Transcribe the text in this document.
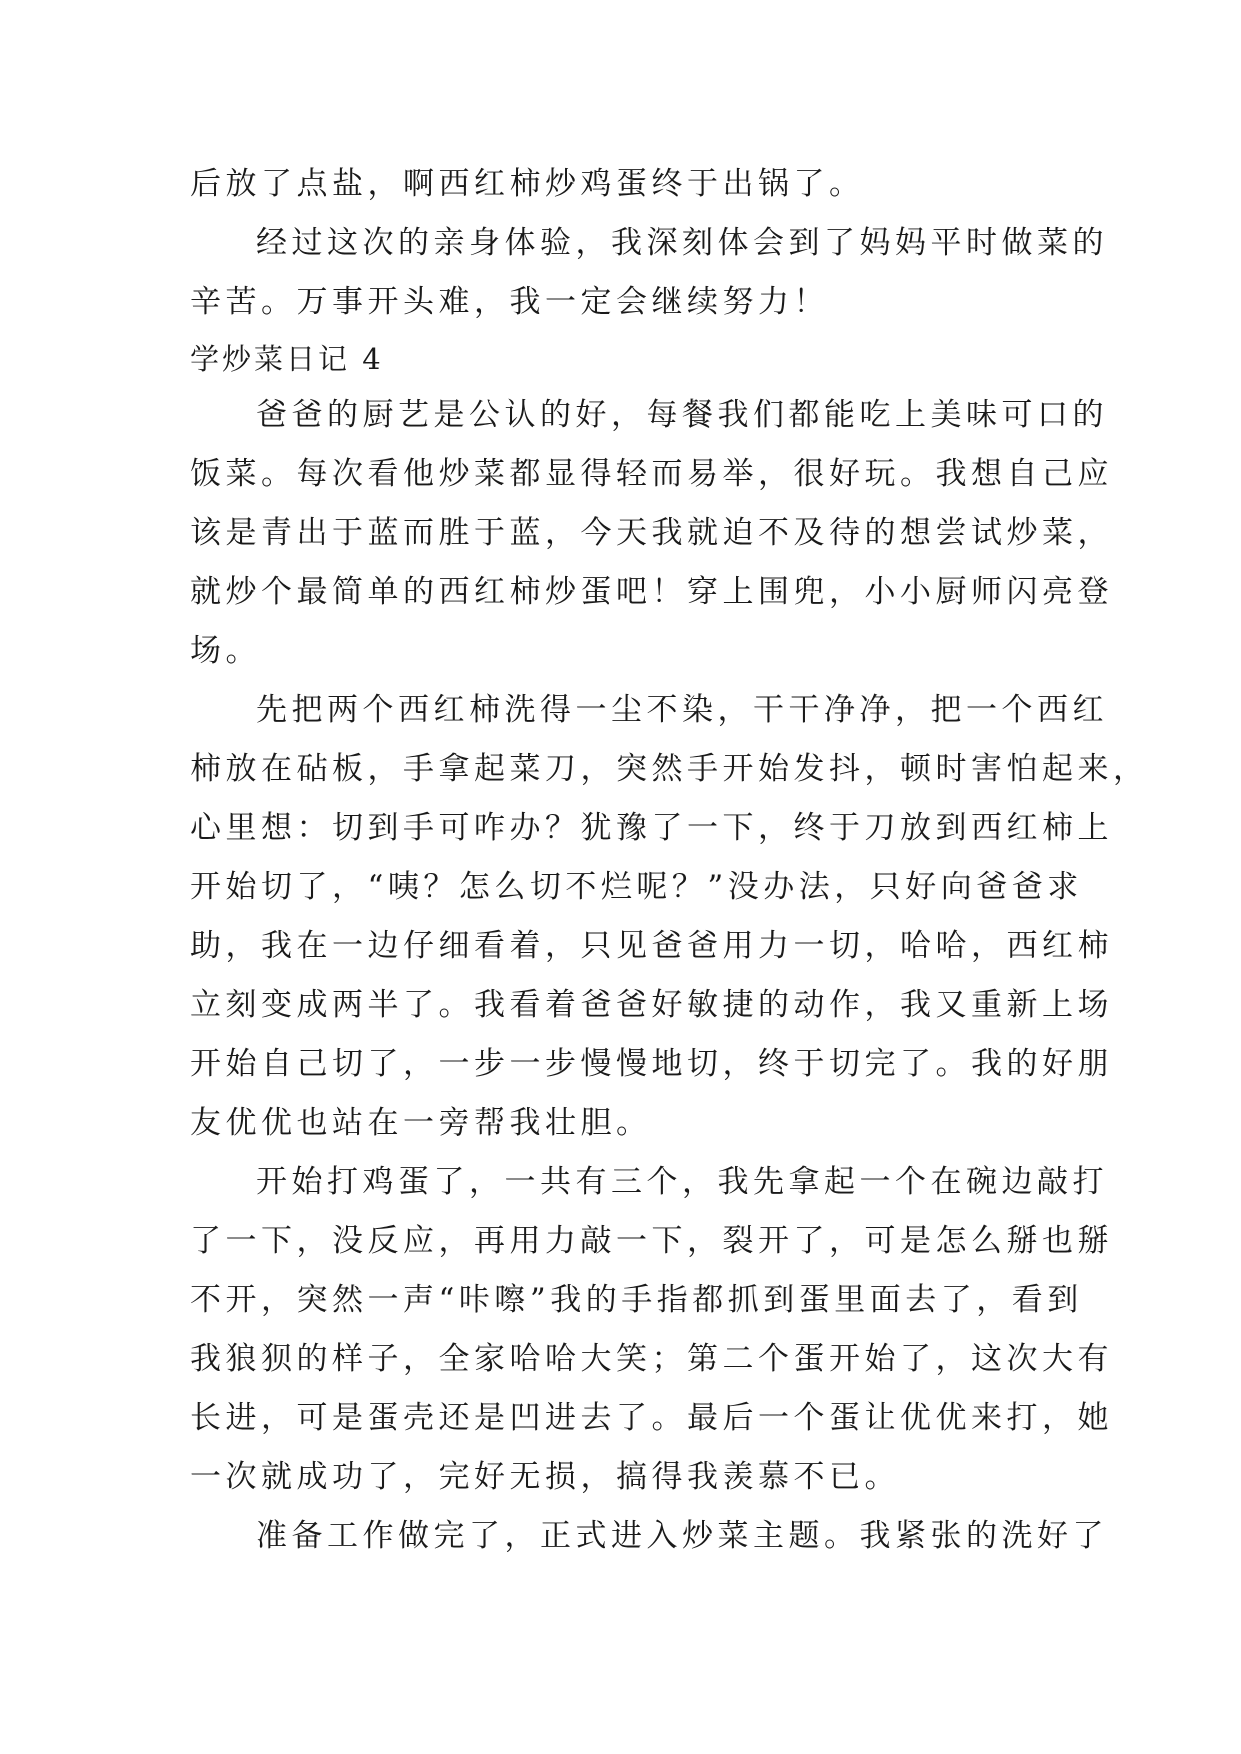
后放了点盐，啊西红柿炒鸡蛋终于出锅了。
经过这次的亲身体验，我深刻体会到了妈妈平时做菜的
辛苦。万事开头难，我一定会继续努力！
学炒菜日记 4
爸爸的厨艺是公认的好，每餐我们都能吃上美味可口的
饭菜。每次看他炒菜都显得轻而易举，很好玩。我想自己应
该是青出于蓝而胜于蓝，今天我就迫不及待的想尝试炒菜，
就炒个最简单的西红柿炒蛋吧！穿上围兜，小小厨师闪亮登
场。
先把两个西红柿洗得一尘不染，干干净净，把一个西红
柿放在砧板，手拿起菜刀，突然手开始发抖，顿时害怕起来，
心里想：切到手可咋办？犹豫了一下，终于刀放到西红柿上
开始切了，“咦？怎么切不烂呢？”没办法，只好向爸爸求
助，我在一边仔细看着，只见爸爸用力一切，哈哈，西红柿
立刻变成两半了。我看着爸爸好敏捷的动作，我又重新上场
开始自己切了，一步一步慢慢地切，终于切完了。我的好朋
友优优也站在一旁帮我壮胆。
开始打鸡蛋了，一共有三个，我先拿起一个在碗边敲打
了一下，没反应，再用力敲一下，裂开了，可是怎么掰也掰
不开，突然一声“咔嚓”我的手指都抓到蛋里面去了，看到
我狼狈的样子，全家哈哈大笑；第二个蛋开始了，这次大有
长进，可是蛋壳还是凹进去了。最后一个蛋让优优来打，她
一次就成功了，完好无损，搞得我羡慕不已。
准备工作做完了，正式进入炒菜主题。我紧张的洗好了
